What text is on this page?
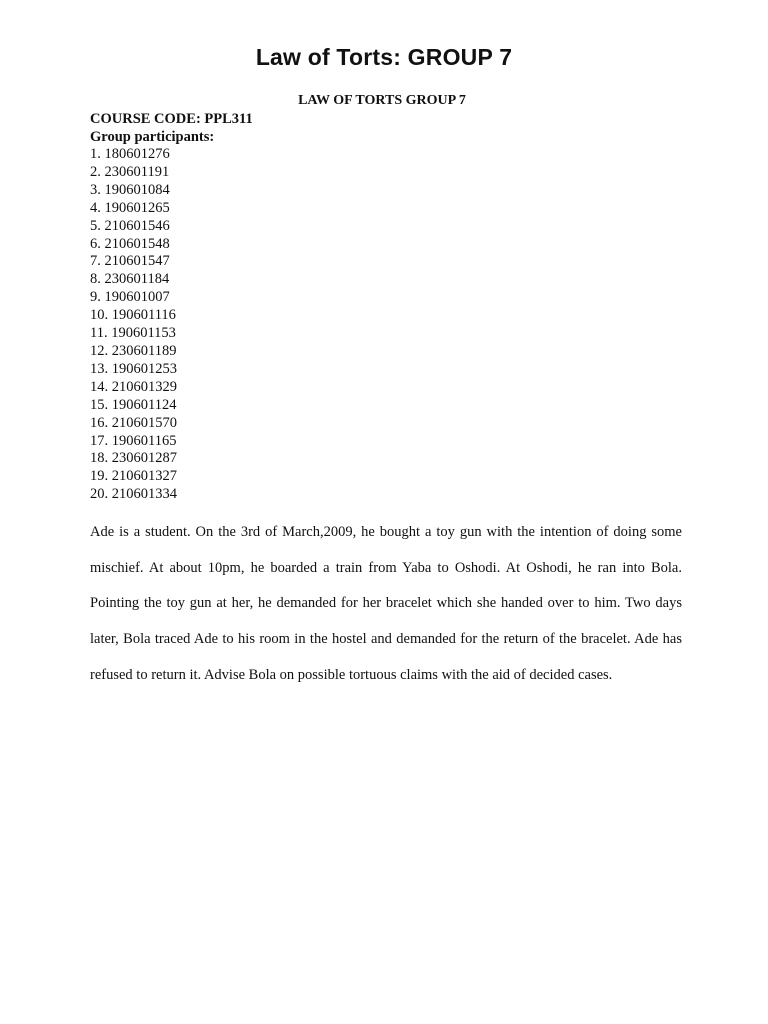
Law of Torts: GROUP 7
LAW OF TORTS GROUP 7
COURSE CODE: PPL311
Group participants:
1. 180601276
2. 230601191
3. 190601084
4. 190601265
5. 210601546
6. 210601548
7. 210601547
8. 230601184
9. 190601007
10. 190601116
11. 190601153
12. 230601189
13. 190601253
14. 210601329
15. 190601124
16. 210601570
17. 190601165
18. 230601287
19. 210601327
20. 210601334
Ade is a student. On the 3rd of March,2009, he bought a toy gun with the intention of doing some mischief. At about 10pm, he boarded a train from Yaba to Oshodi. At Oshodi, he ran into Bola. Pointing the toy gun at her, he demanded for her bracelet which she handed over to him. Two days later, Bola traced Ade to his room in the hostel and demanded for the return of the bracelet. Ade has refused to return it. Advise Bola on possible tortuous claims with the aid of decided cases.
